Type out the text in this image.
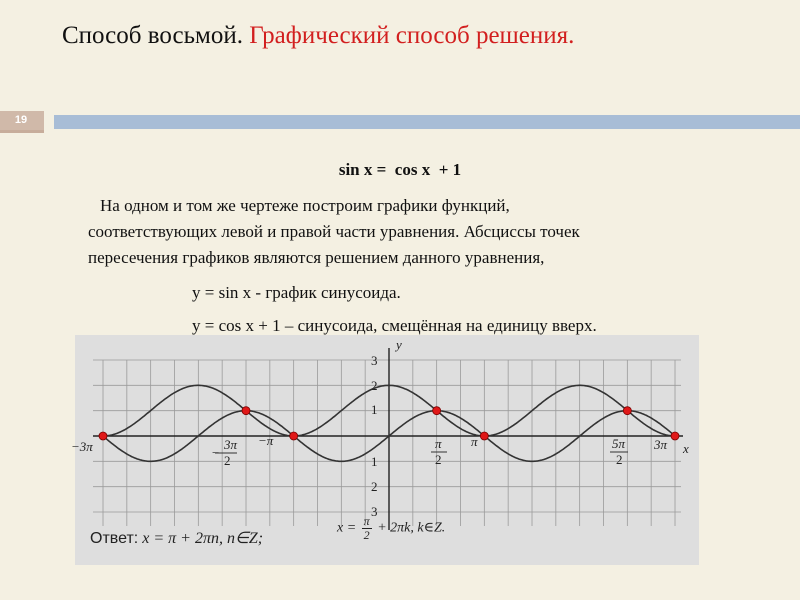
Способ восьмой. Графический способ решения.
19
sin x =  cos x  + 1
На одном и том же чертеже построим графики функций,
соответствующих левой и правой части уравнения. Абсциссы точек
пересечения графиков являются решением данного уравнения,
y = sin x - график синусоида.
y = cos x + 1 – синусоида, смещённая на единицу вверх.
y
x
3
2
1
1
2
3
−3π	3π
−
2
−π	π
2
π	5π
2
3π
Ответ: x = π + 2πn, n∈Z;
$x = \frac{\pi}{2} + 2\pi k$, k∈Z.
